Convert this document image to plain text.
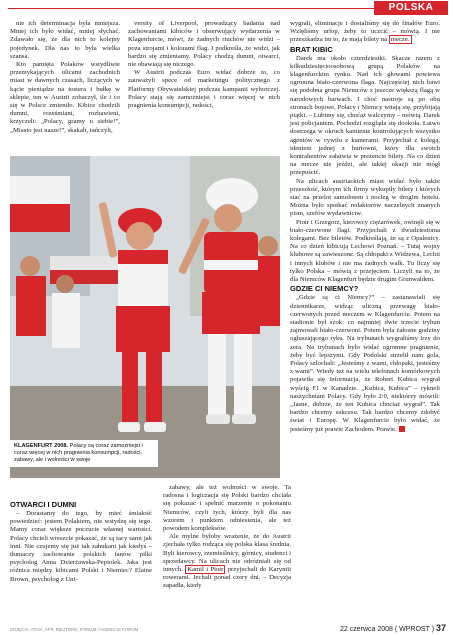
POLSKA

nie ich determinacja była mniejsza. Mniej ich było widać, mniej słychać. Zdawało się, że dla nich to kolejny pojedynek. Dla nas to była wielka szansa.

Kto pamięta Polaków wstydliwie przemykających ulicami zachodnich miast w dawnych czasach, liczących w kącie pieniądze na tostera i bułkę w sklepie, ten w Austrii zobaczył, ile i co się w Polsce zmieniło. Kibice chodzili dumni, roześmiani, rozbawieni, krzyczeli: „Polacy, gramy u siebie!”, „Miasto jest nasze!”, skakali, tańczyli,

versity of Liverpool, prowadzący badania nad zachowaniami kibiców i obserwujący wydarzenia w Klagenfurcie, mówi, że żadnych riuchów nie widzi – poza strojami i kolorami flag. I podkreśla, że widzi, jak bardzo się zmieniamy. Polacy chodzą dumni, otwarci, nie obawiają się niczego.

W Austrii podczas Euro widać dobrze to, co zauważyli spece od marketingu politycznego z Platformy Obywatelskiej podczas kampanii wyborczej. Polacy stają się zamożniejsi i coraz więcej w nich pragnienia konsumpcji, radości,

wygrali, eliminacje i dostaliśmy się do finałów Euro. Wzięliśmy urlop, żeby to uczcić – mówią. I nie przeszkadza im to, że mają bilety na mecze.

BRAT KIBIC

Darek ma około czterdziestki. Skacze razem z kilkudziesięcioosobową grupą Polaków na klagenfurckim rynku. Nad ich głowami powiewa ogromna biało-czerwona flaga. Najczęściej nich bawi się podobna grupa Niemców z jeszcze większą flagą w narodowych barwach. I choć nastroje są po obu stronach bojowe, Polacy i Niemcy witają się, przybijają piątki. – Lubimy się, choćaż walczymy – mówią. Darek jest policjantem. Pochodzi rozgląda się dookoła. Łatwo dostrzega w okruch kamienie kontrolujących wszystko agentów w cywilu z kamerami. Przyjechał z kolegą, identem jednej z hurtowni, który dla swoich kontrahentów załatwia w prezencie bilety. Na co dzień na mecze nie jeździ, ale takiej okazji nie mógł przepuścić.

Na ulicach austriackich miast widać było także przeszłość, którym ich firmy wykupiły bilety i których stać na przelot samolotem i nocleg w drogim hotelu. Można było spotkać redaktorów naczelnych znanych pism, szefów wydawnictw.

Piotr i Grzegorz, kierowcy ciężarówek, owinęli się w biało-czerwone flagi. Przyjechali z dwudziestoma kolegami. Bez biletów. Podkreślają, że są z Opalenicy. Na co dzień kibicują Lechowi Poznań. – Tutaj wojny klubowe są zawieszone. Są chłopaki z Widzewa, Lechii i innych klubów i nie ma żadnych walk. Tu liczy się tylko Polska – mówią z przejęciem. Liczyli na to, że dla Niemców Klagenfurt będzie drugim Grunwaldem.

GDZIE CI NIEMCY?

„Gdzie są ci Niemcy?” – zastanawiali się dziennikarze, widząc uliczną przewagę biało-czerwonych przed meczem w Klagenfurcie. Potem na stadionie był szok: co najmniej dwie trzecie trybun zajmowali biało-czerwoni. Potem była żałosne godziny ogłuszającego ryku. Na trybunach wygraliśmy trzy do zera. Na trybunach było widać ogromne pragnienie, żeby być lepszymi. Gdy Podolski strzelił nam gola, Polacy szlochali: „Jesteśmy z wami, chłopaki, jesteśmy z wami”. Wtedy też na wielu telefonach komórkowych pojawiła się informacja, że Robert Kubica wygrał wyścig F1 w Kanadzie. „Kubica, Kubica” – rykneli naszychniani Polacy. Gdy było 2:0, niektórzy mówili: „Jasne, dobrze, że ten Kubica chociaż wygrał”. Tak bardzo chcemy sukcesu. Tak bardzo chcemy zdobyć świat i Europę. W Klagenfurcie było widać, że jesteśmy już prawie Zachodem. Prawie.

KLAGENFURT 2008. Polacy są coraz zamożniejsi i coraz więcej w nich pragnienia konsumpcji, radości, zabawy, ale i wolności w swoje

OTWARCI I DUMNI

– Dorastamy do tego, by mieć śmiałość powiedzieć: jestem Polakiem, nie wstydzę się tego. Mamy coraz większe poczucie własnej wartości. Polacy chcieli wreszcie pokazać, że są tacy sami jak inni. Nie czujemy się już tak zahukani jak kiedyś – tłumaczy zachowanie polskich fanów pilki psycholog Anna Dzierżawska-Pepiolek. Jaka jest różnica między kibicami Polski i Niemiec? Elaine Brown, psycholog z Uni-

zabawy, ale też wolności w swoje. Ta radosna i logiczacja się Polski bardzo chciała się pokazać i spełnić marzenie o pokonaniu Niemców, czyli tych, którzy byli dla nas wzorem i punktem odniesienia, ale też powodem kompleksów.

Ale mylne byłoby wrażenie, że do Austrii zjechała tylko rodząca się polska klasa średnia. Byli kierowcy, rzemieślnicy, górnicy, studenci i sprzedawcy. Na ulicach nie odróżniali się od innych. Kamil i Piotr przyjechali do Karyntii rowerami. Jechali ponad czery dni. – Decyzja zapadła, kiedy

ZDJĘCIA: ATHA, AFP, REUTERS, FORUM / AGENCJA FORUM	22 czerwca 2008 ( WPROST ) 37
